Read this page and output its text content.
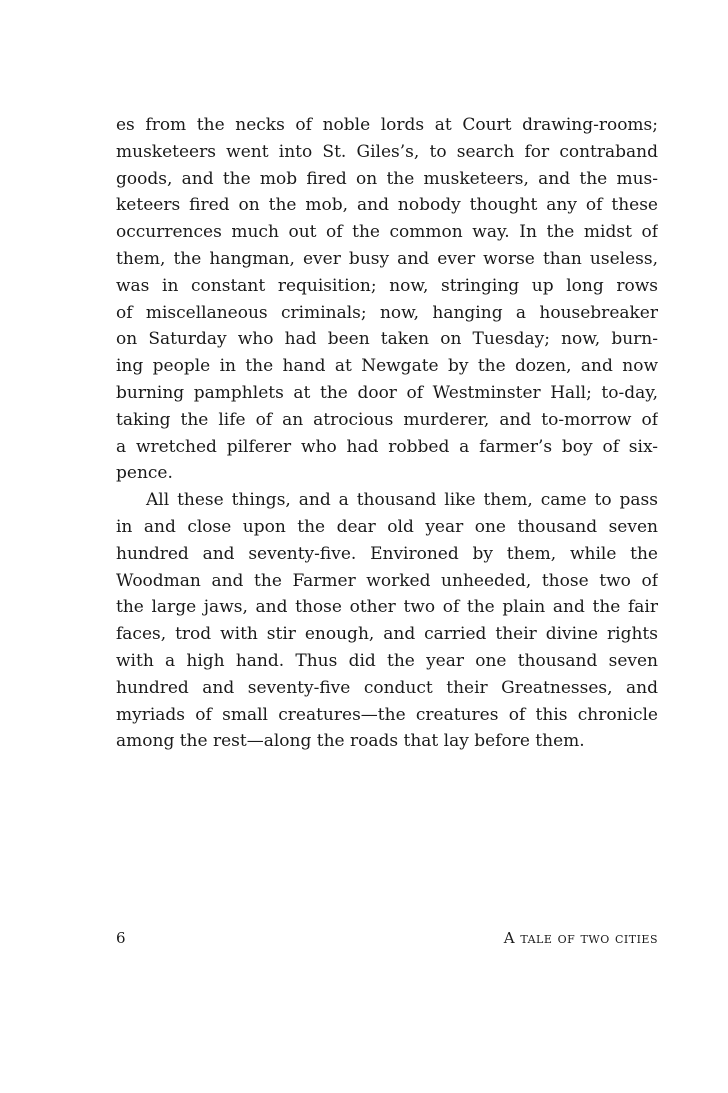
es from the necks of noble lords at Court drawing-rooms;
musketeers went into St. Giles’s, to search for contraband
goods, and the mob fired on the musketeers, and the mus-
keteers fired on the mob, and nobody thought any of these
occurrences much out of the common way. In the midst of
them, the hangman, ever busy and ever worse than useless,
was in constant requisition; now, stringing up long rows
of miscellaneous criminals; now, hanging a housebreaker
on Saturday who had been taken on Tuesday; now, burn-
ing people in the hand at Newgate by the dozen, and now
burning pamphlets at the door of Westminster Hall; to-day,
taking the life of an atrocious murderer, and to-morrow of
a wretched pilferer who had robbed a farmer’s boy of six-
pence.
All these things, and a thousand like them, came to pass
in and close upon the dear old year one thousand seven
hundred and seventy-five. Environed by them, while the
Woodman and the Farmer worked unheeded, those two of
the large jaws, and those other two of the plain and the fair
faces, trod with stir enough, and carried their divine rights
with a high hand. Thus did the year one thousand seven
hundred and seventy-five conduct their Greatnesses, and
myriads of small creatures—the creatures of this chronicle
among the rest—along the roads that lay before them.
6	A tale of two cities
